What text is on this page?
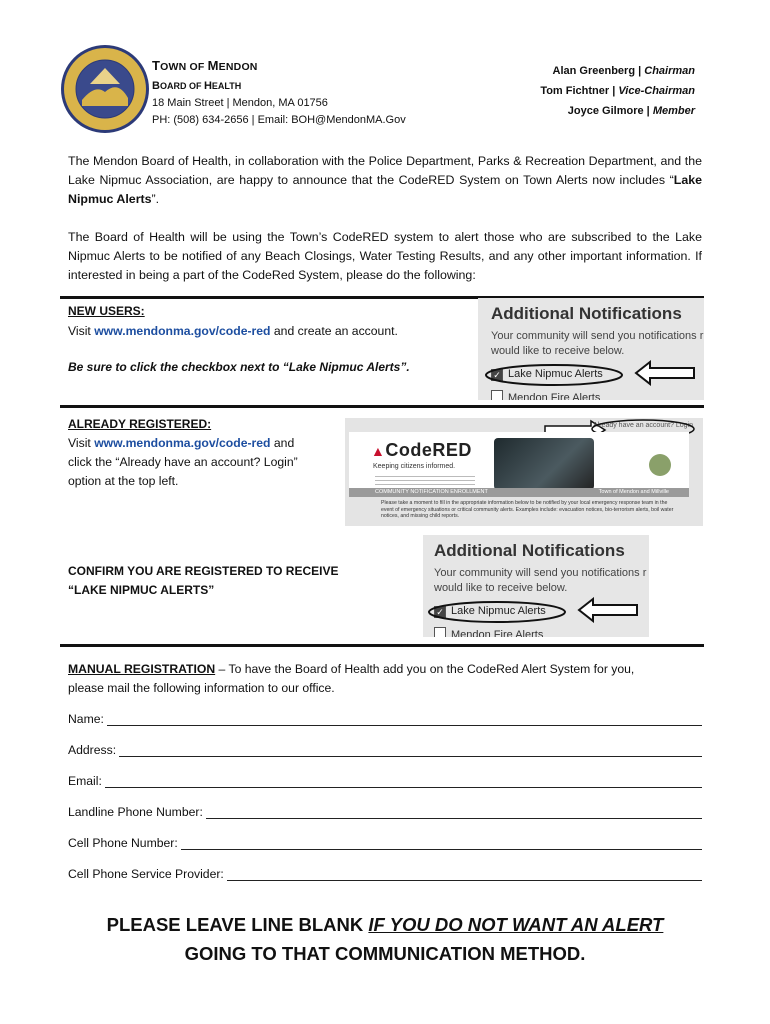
TOWN OF MENDON
BOARD OF HEALTH
18 Main Street | Mendon, MA 01756
PH: (508) 634-2656 | Email: BOH@MendonMA.Gov
Alan Greenberg | Chairman
Tom Fichtner | Vice-Chairman
Joyce Gilmore | Member
The Mendon Board of Health, in collaboration with the Police Department, Parks & Recreation Department, and the Lake Nipmuc Association, are happy to announce that the CodeRED System on Town Alerts now includes “Lake Nipmuc Alerts”.
The Board of Health will be using the Town’s CodeRED system to alert those who are subscribed to the Lake Nipmuc Alerts to be notified of any Beach Closings, Water Testing Results, and any other important information. If interested in being a part of the CodeRed System, please do the following:
NEW USERS:
Visit www.mendonma.gov/code-red and create an account.
Be sure to click the checkbox next to “Lake Nipmuc Alerts”.
Additional Notifications
Your community will send you notifications r
would like to receive below.
✓ Lake Nipmuc Alerts
Mendon Fire Alerts
ALREADY REGISTERED:
Visit www.mendonma.gov/code-red and
click the “Already have an account? Login”
option at the top left.
Already have an account? Login
▲CodeRED
Keeping citizens informed.
COMMUNITY NOTIFICATION ENROLLMENT	Town of Mendon and Millville
Please take a moment to fill in the appropriate information below to be notified by your local emergency response team in the event of emergency situations or critical community alerts. Examples include: evacuation notices, bio-terrorism alerts, boil water notices, and missing child reports.
CONFIRM YOU ARE REGISTERED TO RECEIVE
“LAKE NIPMUC ALERTS”
Additional Notifications
Your community will send you notifications r
would like to receive below.
✓ Lake Nipmuc Alerts
Mendon Fire Alerts
MANUAL REGISTRATION – To have the Board of Health add you on the CodeRed Alert System for you,
please mail the following information to our office.
Name:
Address:
Email:
Landline Phone Number:
Cell Phone Number:
Cell Phone Service Provider:
PLEASE LEAVE LINE BLANK IF YOU DO NOT WANT AN ALERT
GOING TO THAT COMMUNICATION METHOD.
